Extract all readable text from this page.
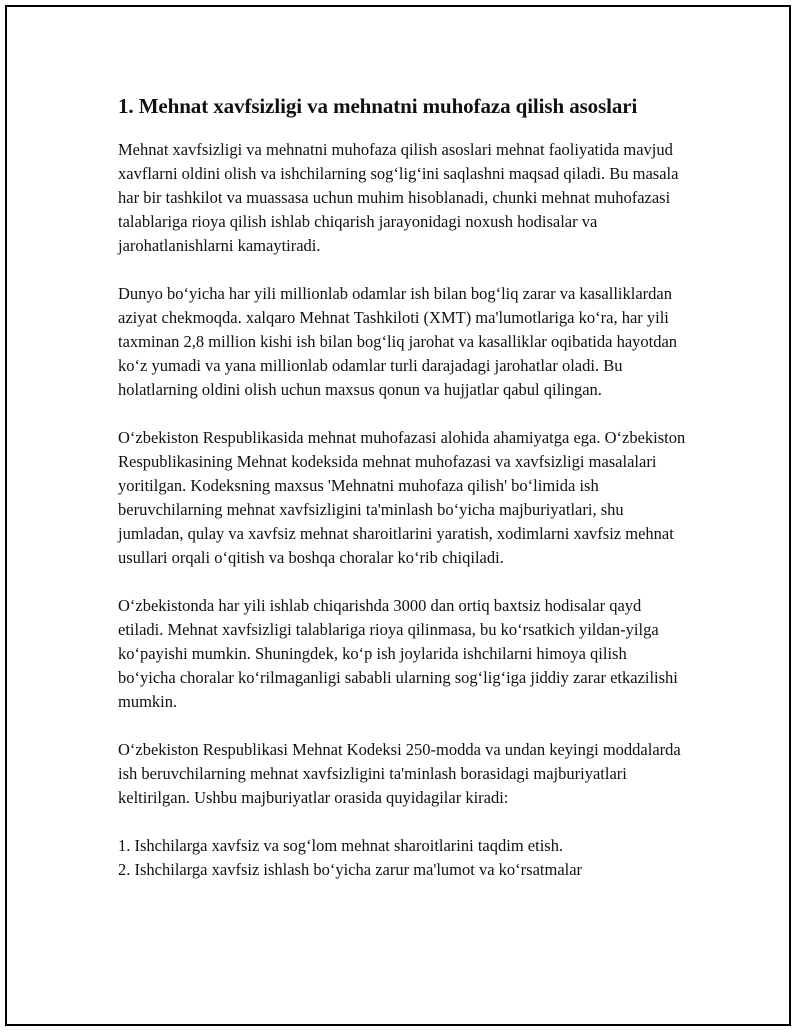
1. Mehnat xavfsizligi va mehnatni muhofaza qilish asoslari

Mehnat xavfsizligi va mehnatni muhofaza qilish asoslari mehnat faoliyatida mavjud xavflarni oldini olish va ishchilarning sog‘lig‘ini saqlashni maqsad qiladi. Bu masala har bir tashkilot va muassasa uchun muhim hisoblanadi, chunki mehnat muhofazasi talablariga rioya qilish ishlab chiqarish jarayonidagi noxush hodisalar va jarohatlanishlarni kamaytiradi.

Dunyo bo‘yicha har yili millionlab odamlar ish bilan bog‘liq zarar va kasalliklardan aziyat chekmoqda. xalqaro Mehnat Tashkiloti (XMT) ma'lumotlariga ko‘ra, har yili taxminan 2,8 million kishi ish bilan bog‘liq jarohat va kasalliklar oqibatida hayotdan ko‘z yumadi va yana millionlab odamlar turli darajadagi jarohatlar oladi. Bu holatlarning oldini olish uchun maxsus qonun va hujjatlar qabul qilingan.

O‘zbekiston Respublikasida mehnat muhofazasi alohida ahamiyatga ega. O‘zbekiston Respublikasining Mehnat kodeksida mehnat muhofazasi va xavfsizligi masalalari yoritilgan. Kodeksning maxsus 'Mehnatni muhofaza qilish' bo‘limida ish beruvchilarning mehnat xavfsizligini ta'minlash bo‘yicha majburiyatlari, shu jumladan, qulay va xavfsiz mehnat sharoitlarini yaratish, xodimlarni xavfsiz mehnat usullari orqali o‘qitish va boshqa choralar ko‘rib chiqiladi.

O‘zbekistonda har yili ishlab chiqarishda 3000 dan ortiq baxtsiz hodisalar qayd etiladi. Mehnat xavfsizligi talablariga rioya qilinmasa, bu ko‘rsatkich yildan-yilga ko‘payishi mumkin. Shuningdek, ko‘p ish joylarida ishchilarni himoya qilish bo‘yicha choralar ko‘rilmaganligi sababli ularning sog‘lig‘iga jiddiy zarar etkazilishi mumkin.

O‘zbekiston Respublikasi Mehnat Kodeksi 250-modda va undan keyingi moddalarda ish beruvchilarning mehnat xavfsizligini ta'minlash borasidagi majburiyatlari keltirilgan. Ushbu majburiyatlar orasida quyidagilar kiradi:

1. Ishchilarga xavfsiz va sog‘lom mehnat sharoitlarini taqdim etish.
2. Ishchilarga xavfsiz ishlash bo‘yicha zarur ma'lumot va ko‘rsatmalar
